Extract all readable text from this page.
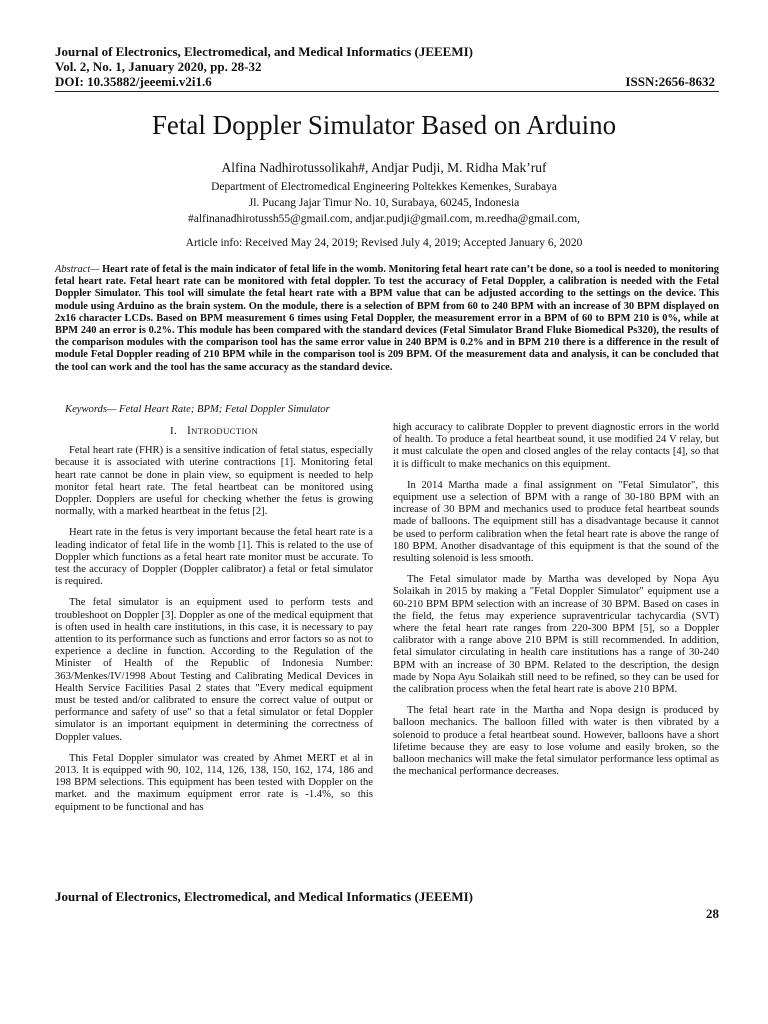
Journal of Electronics, Electromedical, and Medical Informatics (JEEEMI)
Vol. 2, No. 1, January 2020, pp. 28-32
DOI: 10.35882/jeeemi.v2i1.6	ISSN:2656-8632
Fetal Doppler Simulator Based on Arduino
Alfina Nadhirotussolikah#, Andjar Pudji, M. Ridha Mak’ruf
Department of Electromedical Engineering Poltekkes Kemenkes, Surabaya
Jl. Pucang Jajar Timur No. 10, Surabaya, 60245, Indonesia
#alfinanadhirotussh55@gmail.com, andjar.pudji@gmail.com, m.reedha@gmail.com,
Article info: Received May 24, 2019; Revised July 4, 2019; Accepted January 6, 2020
Abstract— Heart rate of fetal is the main indicator of fetal life in the womb. Monitoring fetal heart rate can’t be done, so a tool is needed to monitoring fetal heart rate. Fetal heart rate can be monitored with fetal doppler. To test the accuracy of Fetal Doppler, a calibration is needed with the Fetal Doppler Simulator. This tool will simulate the fetal heart rate with a BPM value that can be adjusted according to the settings on the device. This module using Arduino as the brain system. On the module, there is a selection of BPM from 60 to 240 BPM with an increase of 30 BPM displayed on 2x16 character LCDs. Based on BPM measurement 6 times using Fetal Doppler, the measurement error in a BPM of 60 to BPM 210 is 0%, while at BPM 240 an error is 0.2%. This module has been compared with the standard devices (Fetal Simulator Brand Fluke Biomedical Ps320), the results of the comparison modules with the comparison tool has the same error value in 240 BPM is 0.2% and in BPM 210 there is a difference in the result of module Fetal Doppler reading of 210 BPM while in the comparison tool is 209 BPM. Of the measurement data and analysis, it can be concluded that the tool can work and the tool has the same accuracy as the standard device.
Keywords— Fetal Heart Rate; BPM; Fetal Doppler Simulator
I. INTRODUCTION

Fetal heart rate (FHR) is a sensitive indication of fetal status, especially because it is associated with uterine contractions [1]. Monitoring fetal heart rate cannot be done in plain view, so equipment is needed to help monitor fetal heart rate. The fetal heartbeat can be monitored using Doppler. Dopplers are useful for checking whether the fetus is growing normally, with a marked heartbeat in the fetus [2].

Heart rate in the fetus is very important because the fetal heart rate is a leading indicator of fetal life in the womb [1]. This is related to the use of Doppler which functions as a fetal heart rate monitor must be accurate. To test the accuracy of Doppler (Doppler calibrator) a fetal or fetal simulator is required.

The fetal simulator is an equipment used to perform tests and troubleshoot on Doppler [3]. Doppler as one of the medical equipment that is often used in health care institutions, in this case, it is necessary to pay attention to its performance such as functions and error factors so as not to experience a decline in function. According to the Regulation of the Minister of Health of the Republic of Indonesia Number: 363/Menkes/IV/1998 About Testing and Calibrating Medical Devices in Health Service Facilities Pasal 2 states that "Every medical equipment must be tested and/or calibrated to ensure the correct value of output or performance and safety of use" so that a fetal simulator or fetal Doppler simulator is an important equipment in determining the correctness of Doppler values.

This Fetal Doppler simulator was created by Ahmet MERT et al in 2013. It is equipped with 90, 102, 114, 126, 138, 150, 162, 174, 186 and 198 BPM selections. This equipment has been tested with Doppler on the market. and the maximum equipment error rate is -1.4%, so this equipment to be functional and has

high accuracy to calibrate Doppler to prevent diagnostic errors in the world of health. To produce a fetal heartbeat sound, it use modified 24 V relay, but it must calculate the open and closed angles of the relay contacts [4], so that it is difficult to make mechanics on this equipment.

In 2014 Martha made a final assignment on "Fetal Simulator", this equipment use a selection of BPM with a range of 30-180 BPM with an increase of 30 BPM and mechanics used to produce fetal heartbeat sounds made of balloons. The equipment still has a disadvantage because it cannot be used to perform calibration when the fetal heart rate is above the range of 180 BPM. Another disadvantage of this equipment is that the sound of the resulting solenoid is less smooth.

The Fetal simulator made by Martha was developed by Nopa Ayu Solaikah in 2015 by making a "Fetal Doppler Simulator" equipment use a 60-210 BPM BPM selection with an increase of 30 BPM. Based on cases in the field, the fetus may experience supraventricular tachycardia (SVT) where the fetal heart rate ranges from 220-300 BPM [5], so a Doppler calibrator with a range above 210 BPM is still recommended. In addition, fetal simulator circulating in health care institutions has a range of 30-240 BPM with an increase of 30 BPM. Related to the description, the design made by Nopa Ayu Solaikah still need to be refined, so they can be used for the calibration process when the fetal heart rate is above 210 BPM.

The fetal heart rate in the Martha and Nopa design is produced by balloon mechanics. The balloon filled with water is then vibrated by a solenoid to produce a fetal heartbeat sound. However, balloons have a short lifetime because they are easy to lose volume and easily broken, so the balloon mechanics will make the fetal simulator performance less optimal as the mechanical performance decreases.

Journal of Electronics, Electromedical, and Medical Informatics (JEEEMI)
28
